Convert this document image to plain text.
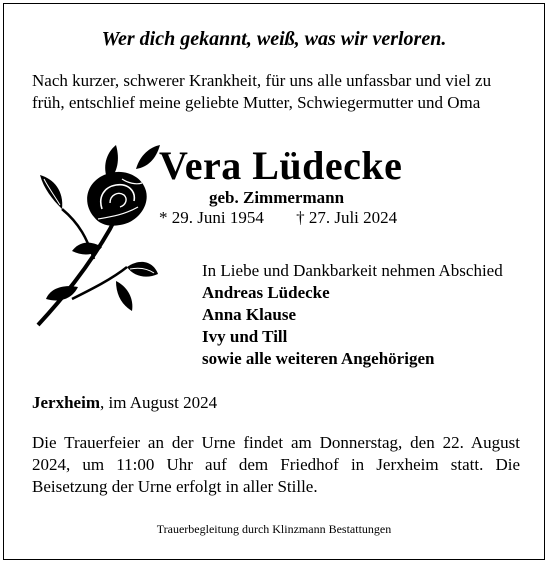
Wer dich gekannt, weiß, was wir verloren.
Nach kurzer, schwerer Krankheit, für uns alle unfassbar und viel zu
früh, entschlief meine geliebte Mutter, Schwiegermutter und Oma
Vera Lüdecke
geb. Zimmermann
* 29. Juni 1954 † 27. Juli 2024
In Liebe und Dankbarkeit nehmen Abschied
Andreas Lüdecke
Anna Klause
Ivy und Till
sowie alle weiteren Angehörigen
Jerxheim, im August 2024
Die Trauerfeier an der Urne findet am Donnerstag, den 22. August
2024, um 11:00 Uhr auf dem Friedhof in Jerxheim statt. Die
Beisetzung der Urne erfolgt in aller Stille.
Trauerbegleitung durch Klinzmann Bestattungen
